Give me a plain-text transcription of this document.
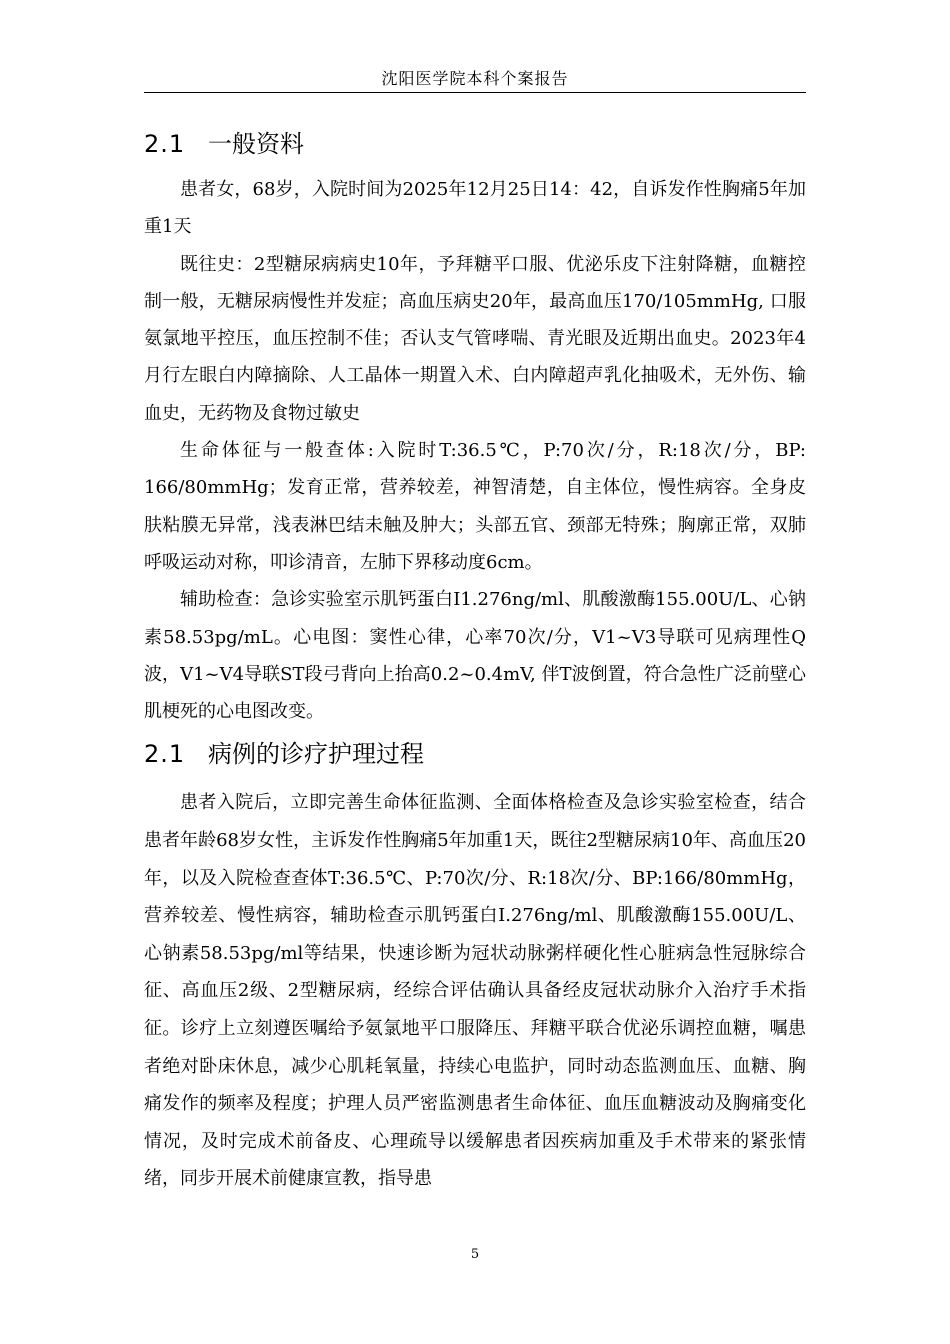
沈阳医学院本科个案报告
2.1 一般资料

患者女，68岁，入院时间为2025年12月25日14：42，自诉发作性胸痛5年加重1天

既往史：2型糖尿病病史10年，予拜糖平口服、优泌乐皮下注射降糖，血糖控制一般，无糖尿病慢性并发症；高血压病史20年，最高血压170/105mmHg, 口服氨氯地平控压，血压控制不佳；否认支气管哮喘、青光眼及近期出血史。2023年4月行左眼白内障摘除、人工晶体一期置入术、白内障超声乳化抽吸术，无外伤、输血史，无药物及食物过敏史

生命体征与一般查体:入院时T:36.5℃，P:70次/分，R:18次/分，BP: 166/80mmHg；发育正常，营养较差，神智清楚，自主体位，慢性病容。全身皮肤粘膜无异常，浅表淋巴结未触及肿大；头部五官、颈部无特殊；胸廓正常，双肺呼吸运动对称，叩诊清音，左肺下界移动度6cm。

辅助检查：急诊实验室示肌钙蛋白I1.276ng/ml、肌酸激酶155.00U/L、心钠素58.53pg/mL。心电图：窦性心律，心率70次/分，V1~V3导联可见病理性Q波，V1~V4导联ST段弓背向上抬高0.2~0.4mV, 伴T波倒置，符合急性广泛前壁心肌梗死的心电图改变。

2.1 病例的诊疗护理过程

患者入院后，立即完善生命体征监测、全面体格检查及急诊实验室检查，结合患者年龄68岁女性，主诉发作性胸痛5年加重1天，既往2型糖尿病10年、高血压20年，以及入院检查查体T:36.5℃、P:70次/分、R:18次/分、BP:166/80mmHg，营养较差、慢性病容，辅助检查示肌钙蛋白I.276ng/ml、肌酸激酶155.00U/L、心钠素58.53pg/ml等结果，快速诊断为冠状动脉粥样硬化性心脏病急性冠脉综合征、高血压2级、2型糖尿病，经综合评估确认具备经皮冠状动脉介入治疗手术指征。诊疗上立刻遵医嘱给予氨氯地平口服降压、拜糖平联合优泌乐调控血糖，嘱患者绝对卧床休息，减少心肌耗氧量，持续心电监护，同时动态监测血压、血糖、胸痛发作的频率及程度；护理人员严密监测患者生命体征、血压血糖波动及胸痛变化情况，及时完成术前备皮、心理疏导以缓解患者因疾病加重及手术带来的紧张情绪，同步开展术前健康宣教，指导患

5
